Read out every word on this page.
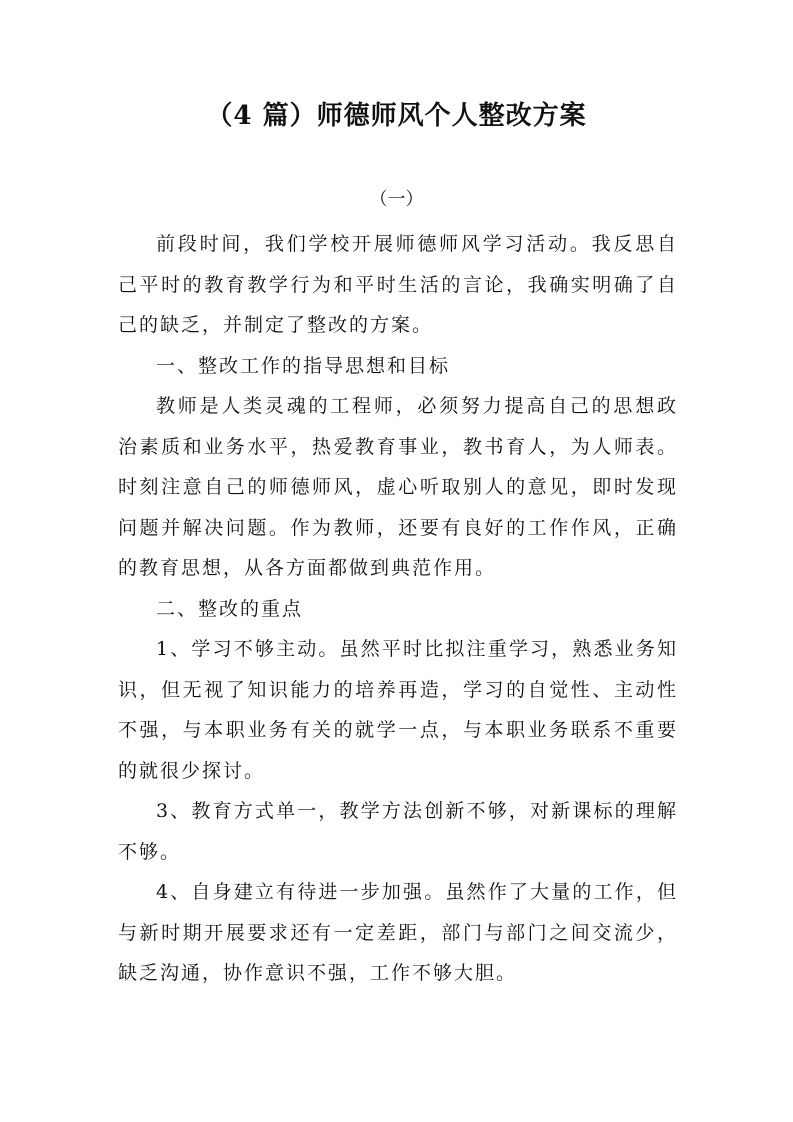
（4 篇）师德师风个人整改方案
（一）

前段时间，我们学校开展师德师风学习活动。我反思自己平时的教育教学行为和平时生活的言论，我确实明确了自己的缺乏，并制定了整改的方案。

一、整改工作的指导思想和目标

教师是人类灵魂的工程师，必须努力提高自己的思想政治素质和业务水平，热爱教育事业，教书育人，为人师表。时刻注意自己的师德师风，虚心听取别人的意见，即时发现问题并解决问题。作为教师，还要有良好的工作作风，正确的教育思想，从各方面都做到典范作用。

二、整改的重点

1、学习不够主动。虽然平时比拟注重学习，熟悉业务知识，但无视了知识能力的培养再造，学习的自觉性、主动性不强，与本职业务有关的就学一点，与本职业务联系不重要的就很少探讨。

3、教育方式单一，教学方法创新不够，对新课标的理解不够。

4、自身建立有待进一步加强。虽然作了大量的工作，但与新时期开展要求还有一定差距，部门与部门之间交流少，缺乏沟通，协作意识不强，工作不够大胆。
